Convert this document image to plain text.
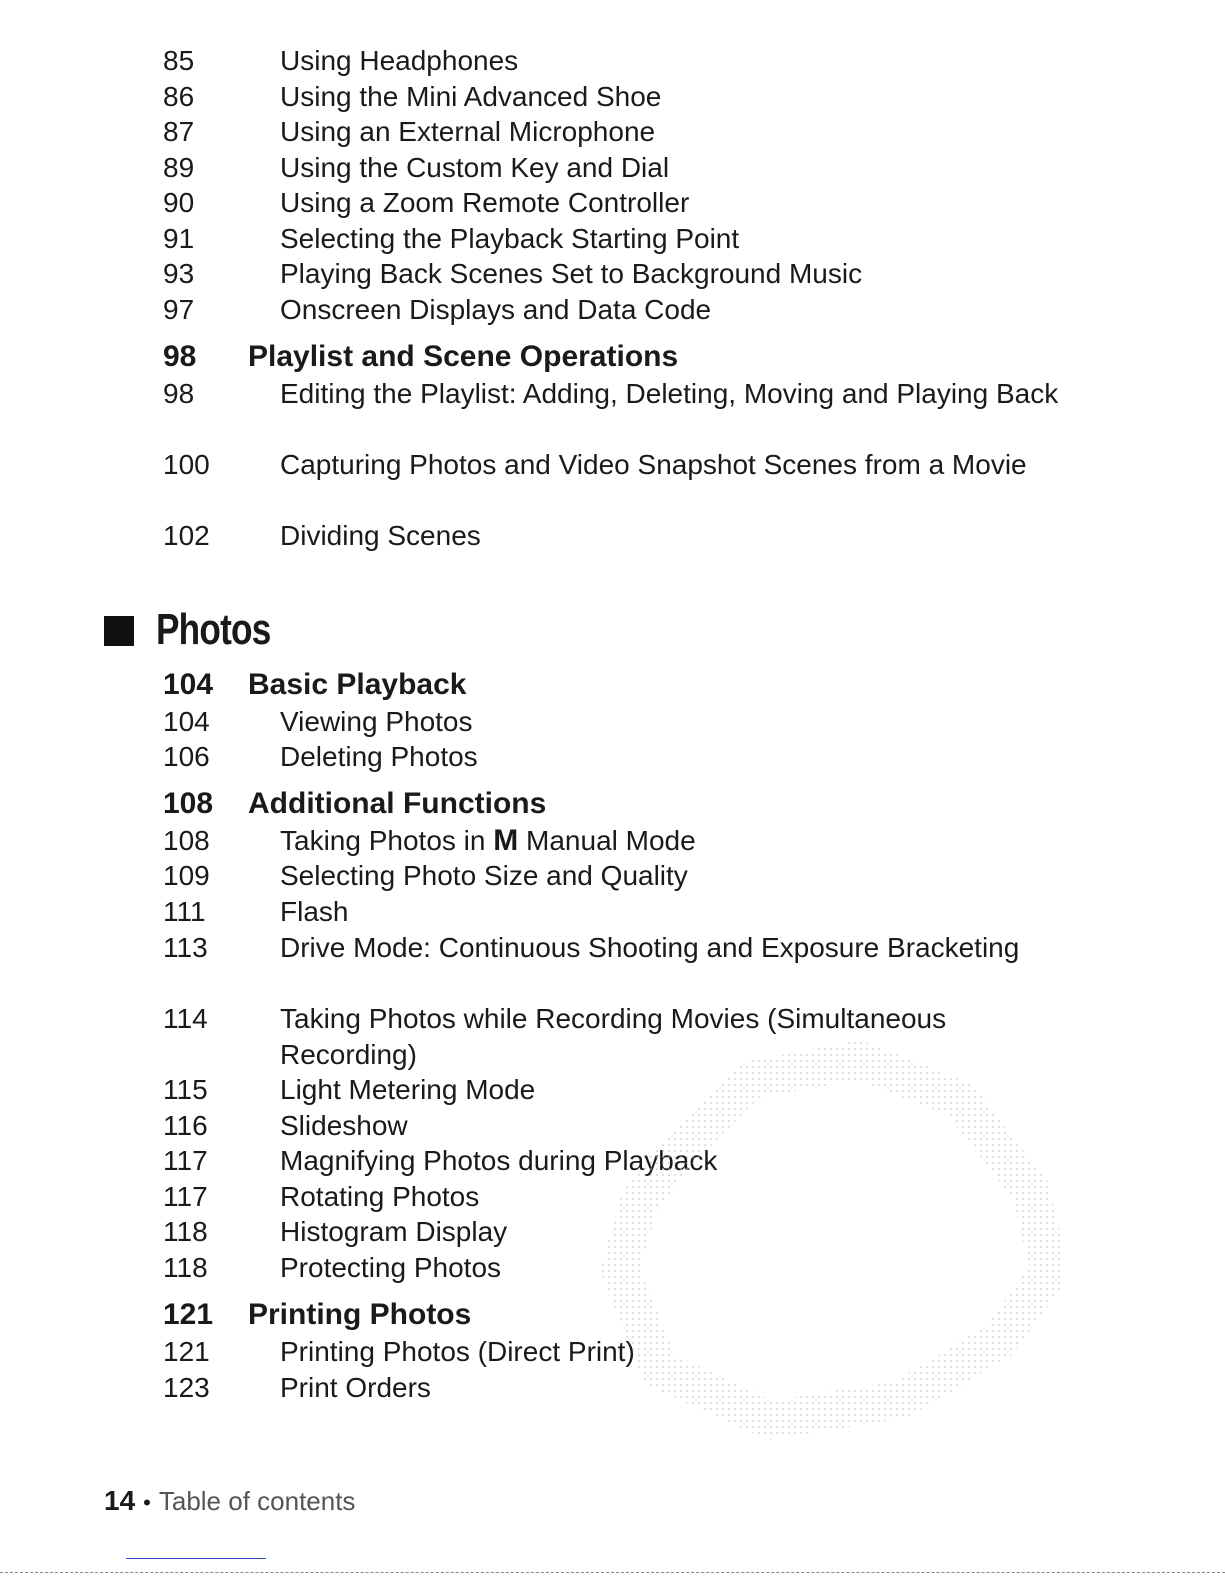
85	Using Headphones
86	Using the Mini Advanced Shoe
87	Using an External Microphone
89	Using the Custom Key and Dial
90	Using a Zoom Remote Controller
91	Selecting the Playback Starting Point
93	Playing Back Scenes Set to Background Music
97	Onscreen Displays and Data Code
98 Playlist and Scene Operations
98	Editing the Playlist: Adding, Deleting, Moving and Playing Back
100	Capturing Photos and Video Snapshot Scenes from a Movie
102	Dividing Scenes
Photos
104 Basic Playback
104	Viewing Photos
106	Deleting Photos
108 Additional Functions
108	Taking Photos in M Manual Mode
109	Selecting Photo Size and Quality
111	Flash
113	Drive Mode: Continuous Shooting and Exposure Bracketing
114	Taking Photos while Recording Movies (Simultaneous Recording)
115	Light Metering Mode
116	Slideshow
117	Magnifying Photos during Playback
117	Rotating Photos
118	Histogram Display
118	Protecting Photos
121 Printing Photos
121	Printing Photos (Direct Print)
123	Print Orders
14 • Table of contents
